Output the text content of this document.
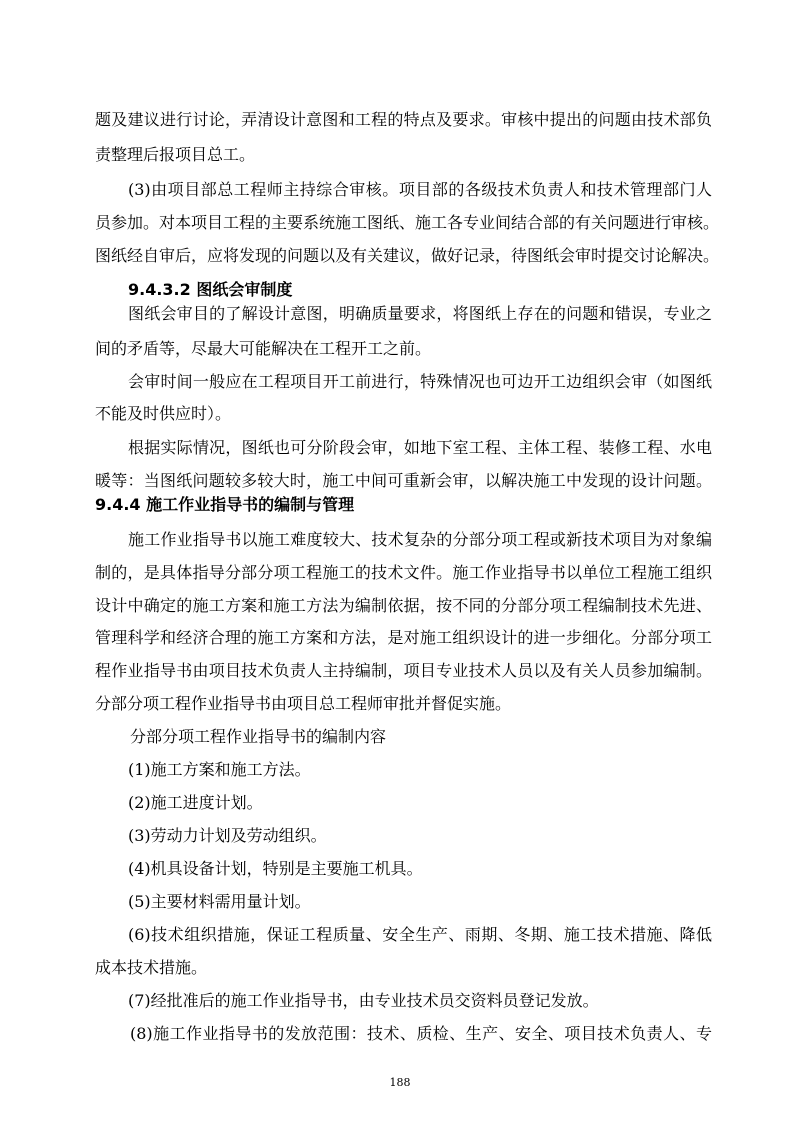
题及建议进行讨论，弄清设计意图和工程的特点及要求。审核中提出的问题由技术部负
责整理后报项目总工。
(3)由项目部总工程师主持综合审核。项目部的各级技术负责人和技术管理部门人
员参加。对本项目工程的主要系统施工图纸、施工各专业间结合部的有关问题进行审核。
图纸经自审后，应将发现的问题以及有关建议，做好记录，待图纸会审时提交讨论解决。
9.4.3.2 图纸会审制度
图纸会审目的了解设计意图，明确质量要求，将图纸上存在的问题和错误，专业之
间的矛盾等，尽最大可能解决在工程开工之前。
会审时间一般应在工程项目开工前进行，特殊情况也可边开工边组织会审（如图纸
不能及时供应时）。
根据实际情况，图纸也可分阶段会审，如地下室工程、主体工程、装修工程、水电
暖等：当图纸问题较多较大时，施工中间可重新会审，以解决施工中发现的设计问题。
9.4.4 施工作业指导书的编制与管理
施工作业指导书以施工难度较大、技术复杂的分部分项工程或新技术项目为对象编
制的，是具体指导分部分项工程施工的技术文件。施工作业指导书以单位工程施工组织
设计中确定的施工方案和施工方法为编制依据，按不同的分部分项工程编制技术先进、
管理科学和经济合理的施工方案和方法，是对施工组织设计的进一步细化。分部分项工
程作业指导书由项目技术负责人主持编制，项目专业技术人员以及有关人员参加编制。
分部分项工程作业指导书由项目总工程师审批并督促实施。
分部分项工程作业指导书的编制内容
(1)施工方案和施工方法。
(2)施工进度计划。
(3)劳动力计划及劳动组织。
(4)机具设备计划，特别是主要施工机具。
(5)主要材料需用量计划。
(6)技术组织措施，保证工程质量、安全生产、雨期、冬期、施工技术措施、降低
成本技术措施。
(7)经批准后的施工作业指导书，由专业技术员交资料员登记发放。
(8)施工作业指导书的发放范围：技术、质检、生产、安全、项目技术负责人、专
188
